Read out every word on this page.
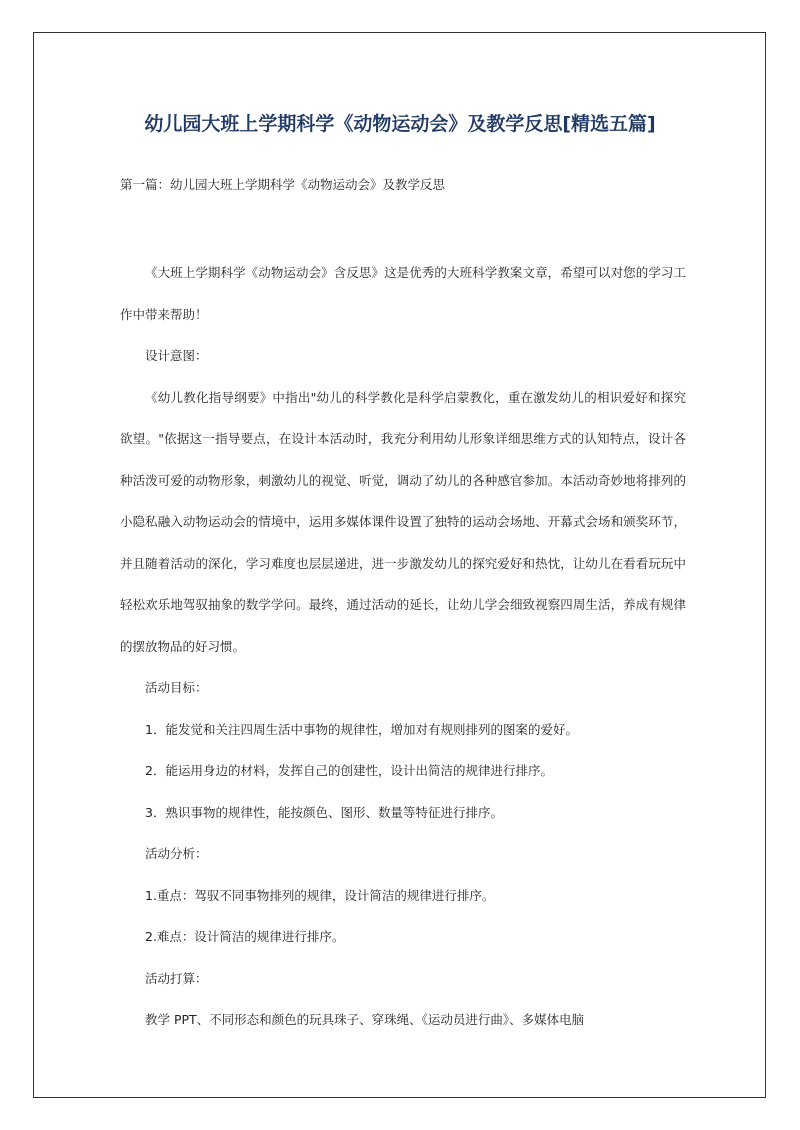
幼儿园大班上学期科学《动物运动会》及教学反思[精选五篇]
第一篇：幼儿园大班上学期科学《动物运动会》及教学反思

《大班上学期科学《动物运动会》含反思》这是优秀的大班科学教案文章，希望可以对您的学习工作中带来帮助！

设计意图：

《幼儿教化指导纲要》中指出"幼儿的科学教化是科学启蒙教化，重在激发幼儿的相识爱好和探究欲望。"依据这一指导要点，在设计本活动时，我充分利用幼儿形象详细思维方式的认知特点，设计各种活泼可爱的动物形象，刺激幼儿的视觉、听觉，调动了幼儿的各种感官参加。本活动奇妙地将排列的小隐私融入动物运动会的情境中，运用多媒体课件设置了独特的运动会场地、开幕式会场和颁奖环节，并且随着活动的深化，学习难度也层层递进，进一步激发幼儿的探究爱好和热忱，让幼儿在看看玩玩中轻松欢乐地驾驭抽象的数学学问。最终，通过活动的延长，让幼儿学会细致视察四周生活，养成有规律的摆放物品的好习惯。

活动目标：

1．能发觉和关注四周生活中事物的规律性，增加对有规则排列的图案的爱好。

2．能运用身边的材料，发挥自己的创建性，设计出简洁的规律进行排序。

3．熟识事物的规律性，能按颜色、图形、数量等特征进行排序。

活动分析：

1.重点：驾驭不同事物排列的规律，设计简洁的规律进行排序。

2.难点：设计简洁的规律进行排序。

活动打算：

教学 PPT、不同形态和颜色的玩具珠子、穿珠绳、《运动员进行曲》、多媒体电脑
